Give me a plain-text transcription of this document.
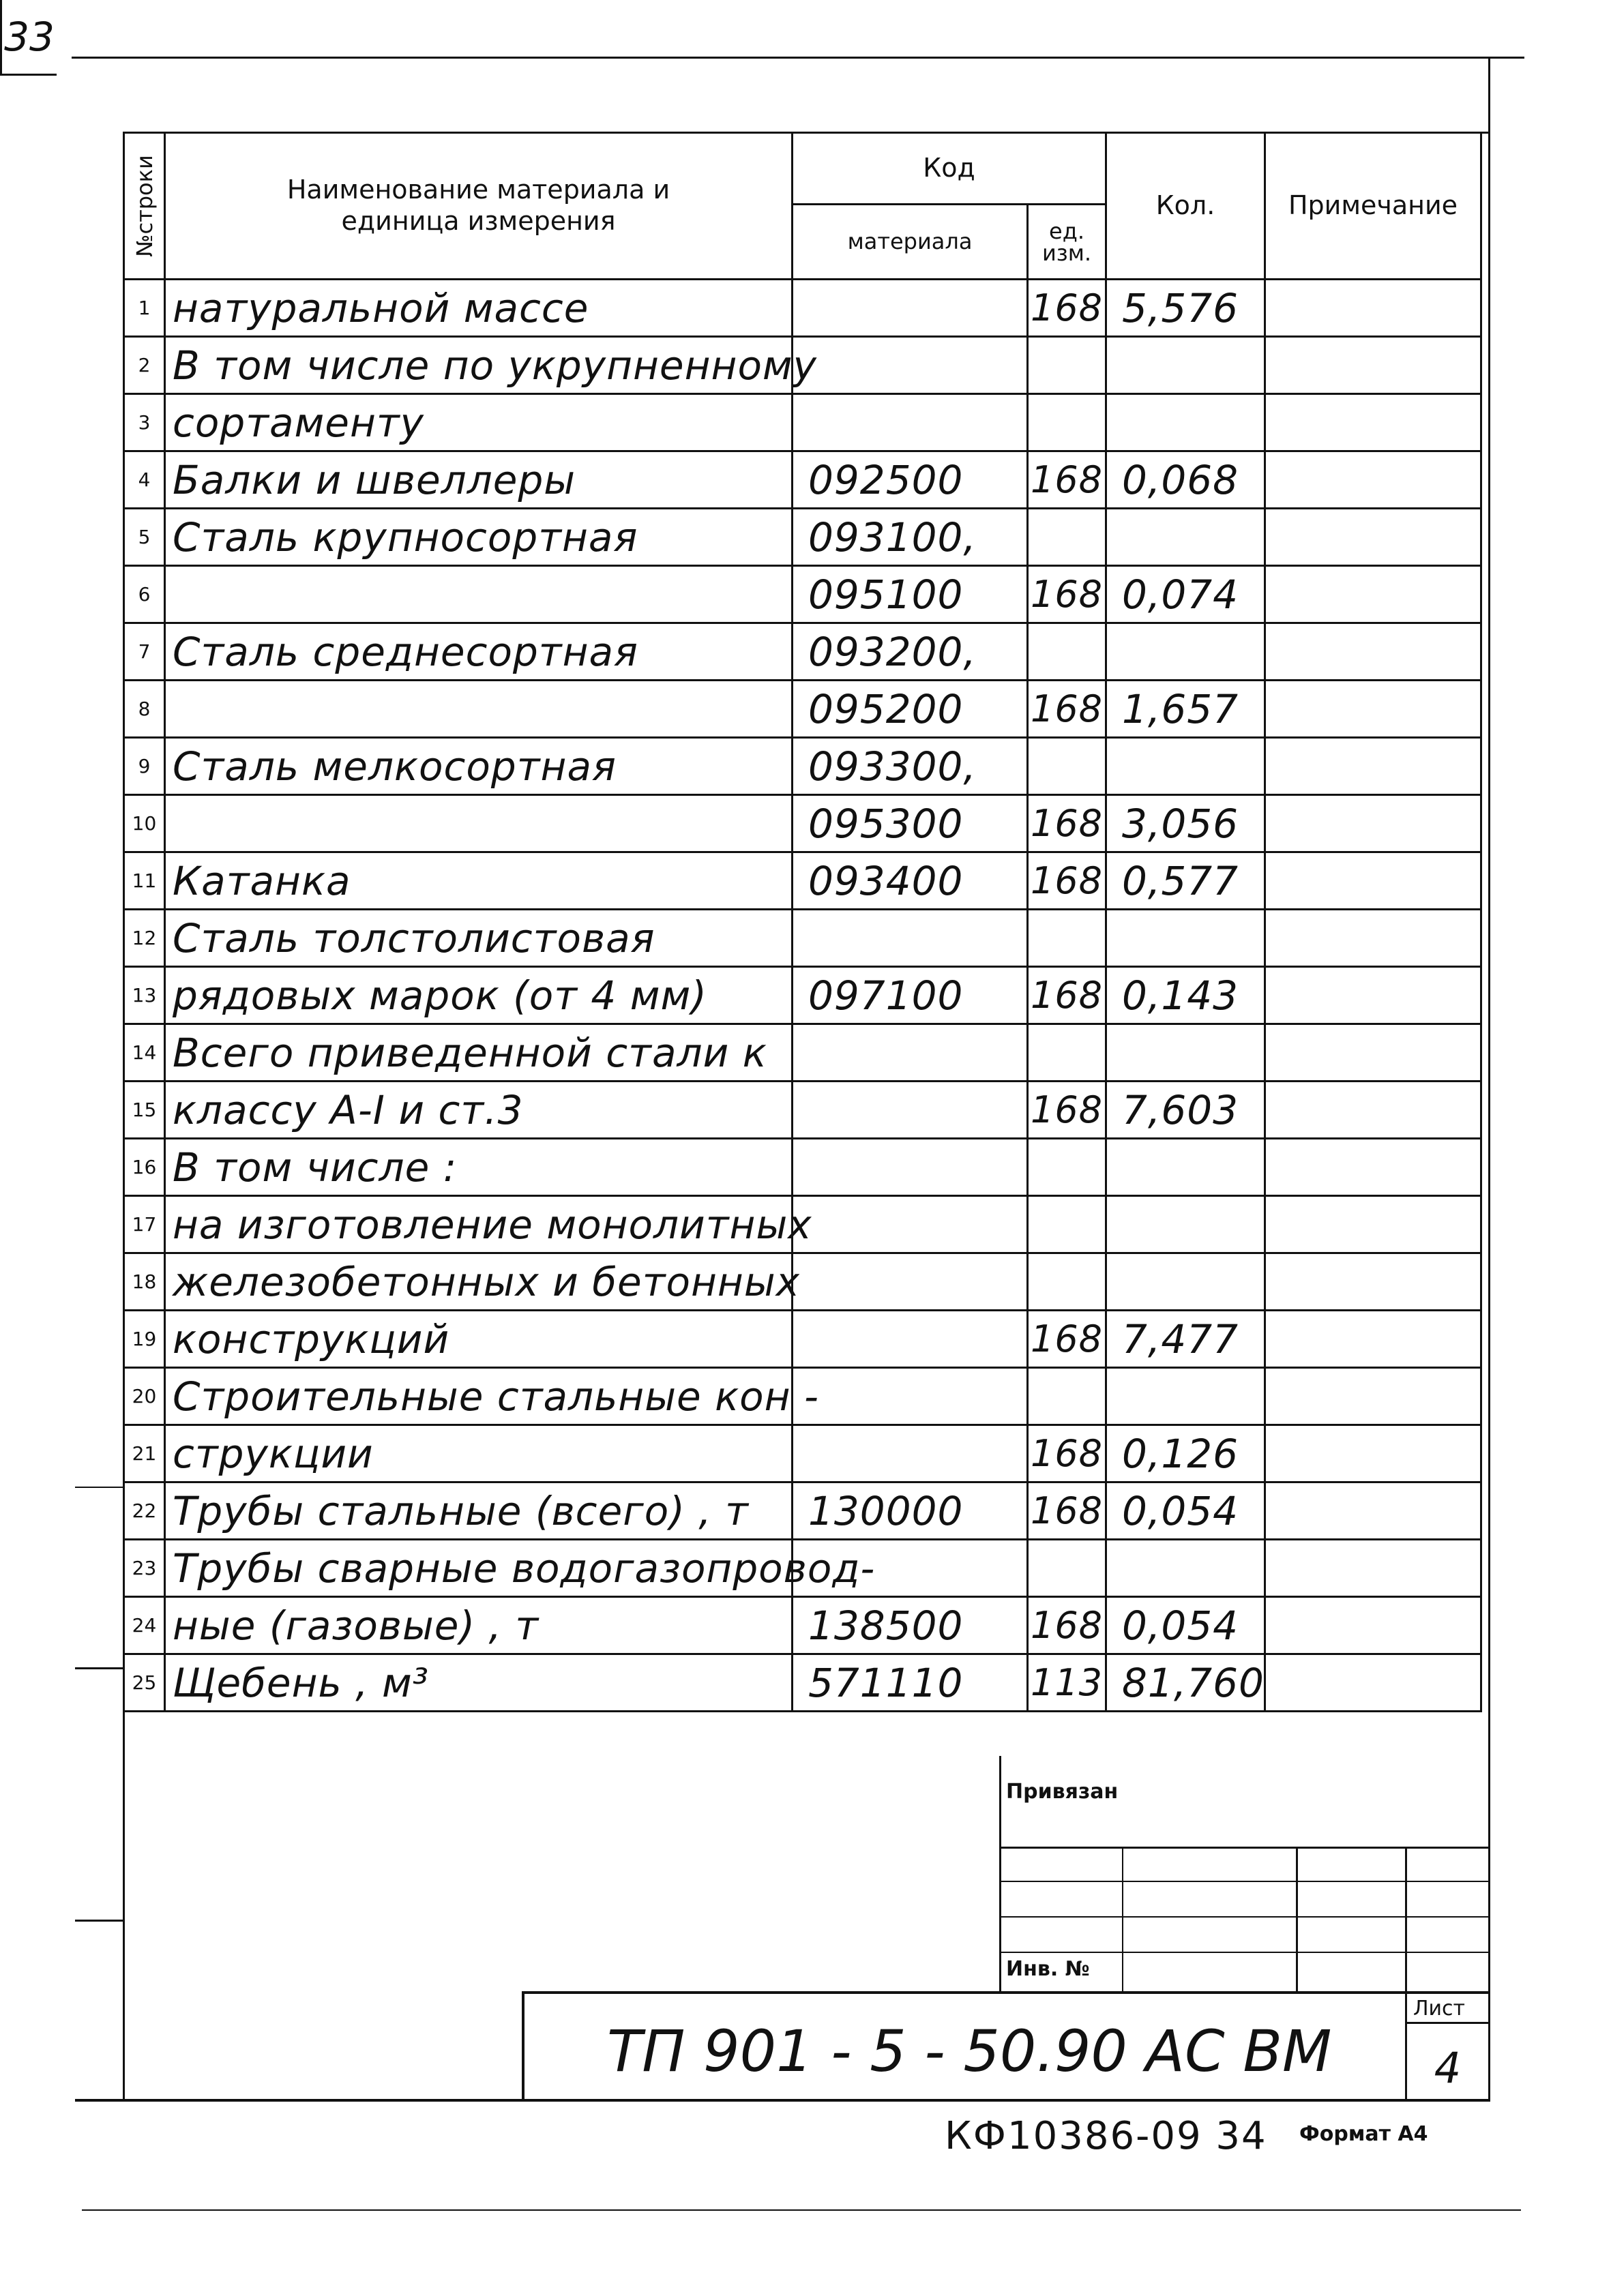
33
№строки	Наименование материала и единица измерения	Код		Кол.	Примечание
		материала	ед. изм.		
1	натуральной массе		168	5,576	
2	В том числе по укрупненному				
3	сортаменту				
4	Балки и швеллеры	092500	168	0,068	
5	Сталь крупносортная	093100,			
6		095100	168	0,074	
7	Сталь среднесортная	093200,			
8		095200	168	1,657	
9	Сталь мелкосортная	093300,			
10		095300	168	3,056	
11	Катанка	093400	168	0,577	
12	Сталь толстолистовая				
13	рядовых марок (от 4 мм)	097100	168	0,143	
14	Всего приведенной стали к				
15	классу А-I и ст.3		168	7,603	
16	В том числе :				
17	на изготовление монолитных				
18	железобетонных и бетонных				
19	конструкций		168	7,477	
20	Строительные стальные кон -				
21	струкции		168	0,126	
22	Трубы стальные (всего) , т	130000	168	0,054	
23	Трубы сварные водогазопровод-				
24	ные (газовые) , т	138500	168	0,054	
25	Щебень , м³	571110	113	81,760	
Привязан
Инв. №
Лист
ТП 901 - 5 - 50.90 АС ВМ	4
КФ10386-09 34 Формат А4
